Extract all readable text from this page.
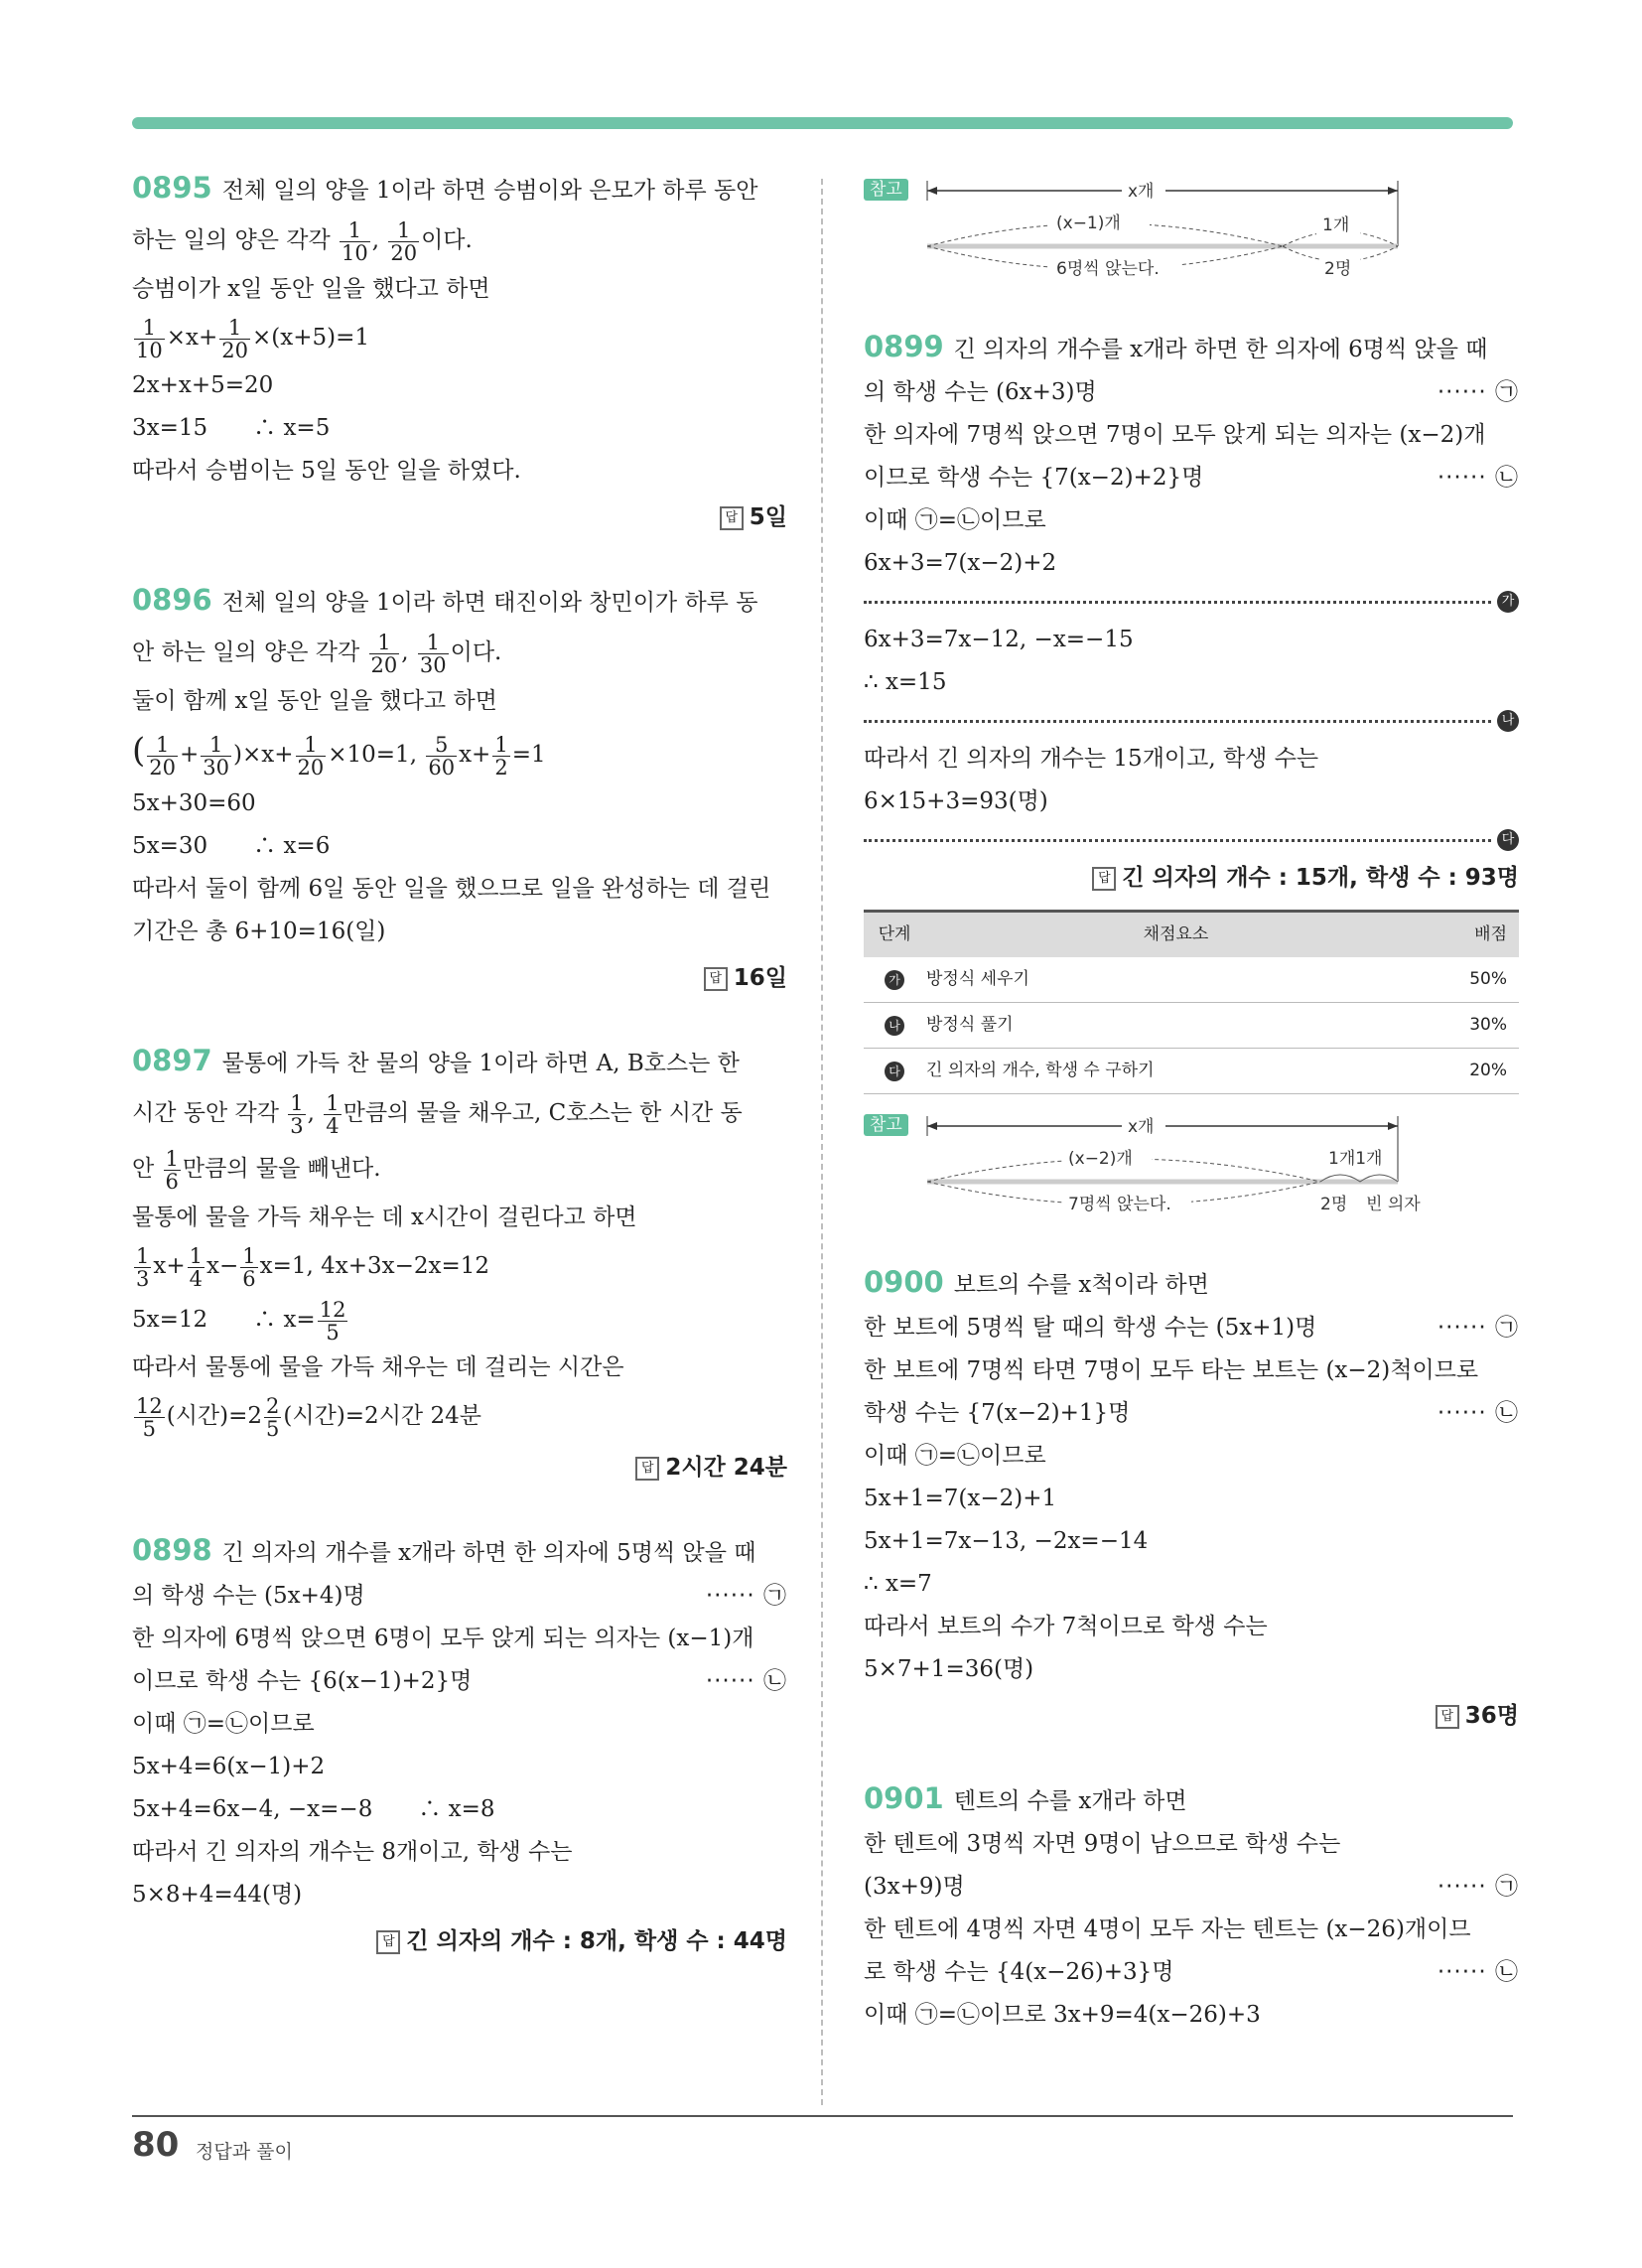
0895 전체 일의 양을 1이라 하면 승범이와 은모가 하루 동안
하는 일의 양은 각각 $\frac{1}{10}$ , $\frac{1}{20}$ 이다.
승범이가 x일 동안 일을 했다고 하면
$\frac{1}{10} \times x+ \frac{1}{20} \times(x+5)=1$
2x+x+5=20
3x=15　　∴ x=5
따라서 승범이는 5일 동안 일을 하였다.
답 5일
0896 전체 일의 양을 1이라 하면 태진이와 창민이가 하루 동
안 하는 일의 양은 각각 $\frac{1}{20}$ , $\frac{1}{30}$ 이다.
둘이 함께 x일 동안 일을 했다고 하면
( $\frac{1}{20} + \frac{1}{30} )\times x+ \frac{1}{20} \times 10=1$, $\frac{5}{60} x+ \frac{1}{2} =1$
5x+30=60
5x=30　　∴ x=6
따라서 둘이 함께 6일 동안 일을 했으므로 일을 완성하는 데 걸린
기간은 총 6+10=16(일)
답 16일
0897 물통에 가득 찬 물의 양을 1이라 하면 A, B호스는 한
시간 동안 각각 $\frac{1}{3}$ , $\frac{1}{4}$ 만큼의 물을 채우고, C호스는 한 시간 동
안 $\frac{1}{6}$ 만큼의 물을 빼낸다.
물통에 물을 가득 채우는 데 x시간이 걸린다고 하면
$\frac{1}{3} x+ \frac{1}{4} x- \frac{1}{6} x=1$, 4x+3x−2x=12
5x=12　　∴ $x= \frac{12}{5}$
따라서 물통에 물을 가득 채우는 데 걸리는 시간은
$\frac{12}{5}$ (시간)$=2 \frac{2}{5}$ (시간)=2시간 24분
답 2시간 24분
0898 긴 의자의 개수를 x개라 하면 한 의자에 5명씩 앉을 때
의 학생 수는 (5x+4)명	······ ㉠
한 의자에 6명씩 앉으면 6명이 모두 앉게 되는 의자는 (x−1)개
이므로 학생 수는 {6(x−1)+2}명	······ ㉡
이때 ㉠=㉡이므로
5x+4=6(x−1)+2
5x+4=6x−4, −x=−8　　∴ x=8
따라서 긴 의자의 개수는 8개이고, 학생 수는
5×8+4=44(명)
답 긴 의자의 개수 : 8개, 학생 수 : 44명
참고	x개
(x−1)개	1개
6명씩 앉는다.	2명
0899 긴 의자의 개수를 x개라 하면 한 의자에 6명씩 앉을 때
의 학생 수는 (6x+3)명	······ ㉠
한 의자에 7명씩 앉으면 7명이 모두 앉게 되는 의자는 (x−2)개
이므로 학생 수는 {7(x−2)+2}명	······ ㉡
이때 ㉠=㉡이므로
6x+3=7(x−2)+2
가
6x+3=7x−12, −x=−15
∴ x=15
나
따라서 긴 의자의 개수는 15개이고, 학생 수는
6×15+3=93(명)
다
답 긴 의자의 개수 : 15개, 학생 수 : 93명
단계	채점요소	배점
가	방정식 세우기	50%
나	방정식 풀기	30%
다	긴 의자의 개수, 학생 수 구하기	20%
참고	x개
(x−2)개	1개1개
7명씩 앉는다.	2명 빈 의자
0900 보트의 수를 x척이라 하면
한 보트에 5명씩 탈 때의 학생 수는 (5x+1)명	······ ㉠
한 보트에 7명씩 타면 7명이 모두 타는 보트는 (x−2)척이므로
학생 수는 {7(x−2)+1}명	······ ㉡
이때 ㉠=㉡이므로
5x+1=7(x−2)+1
5x+1=7x−13, −2x=−14
∴ x=7
따라서 보트의 수가 7척이므로 학생 수는
5×7+1=36(명)
답 36명
0901 텐트의 수를 x개라 하면
한 텐트에 3명씩 자면 9명이 남으므로 학생 수는
(3x+9)명	······ ㉠
한 텐트에 4명씩 자면 4명이 모두 자는 텐트는 (x−26)개이므
로 학생 수는 {4(x−26)+3}명	······ ㉡
이때 ㉠=㉡이므로 3x+9=4(x−26)+3
80 정답과 풀이
